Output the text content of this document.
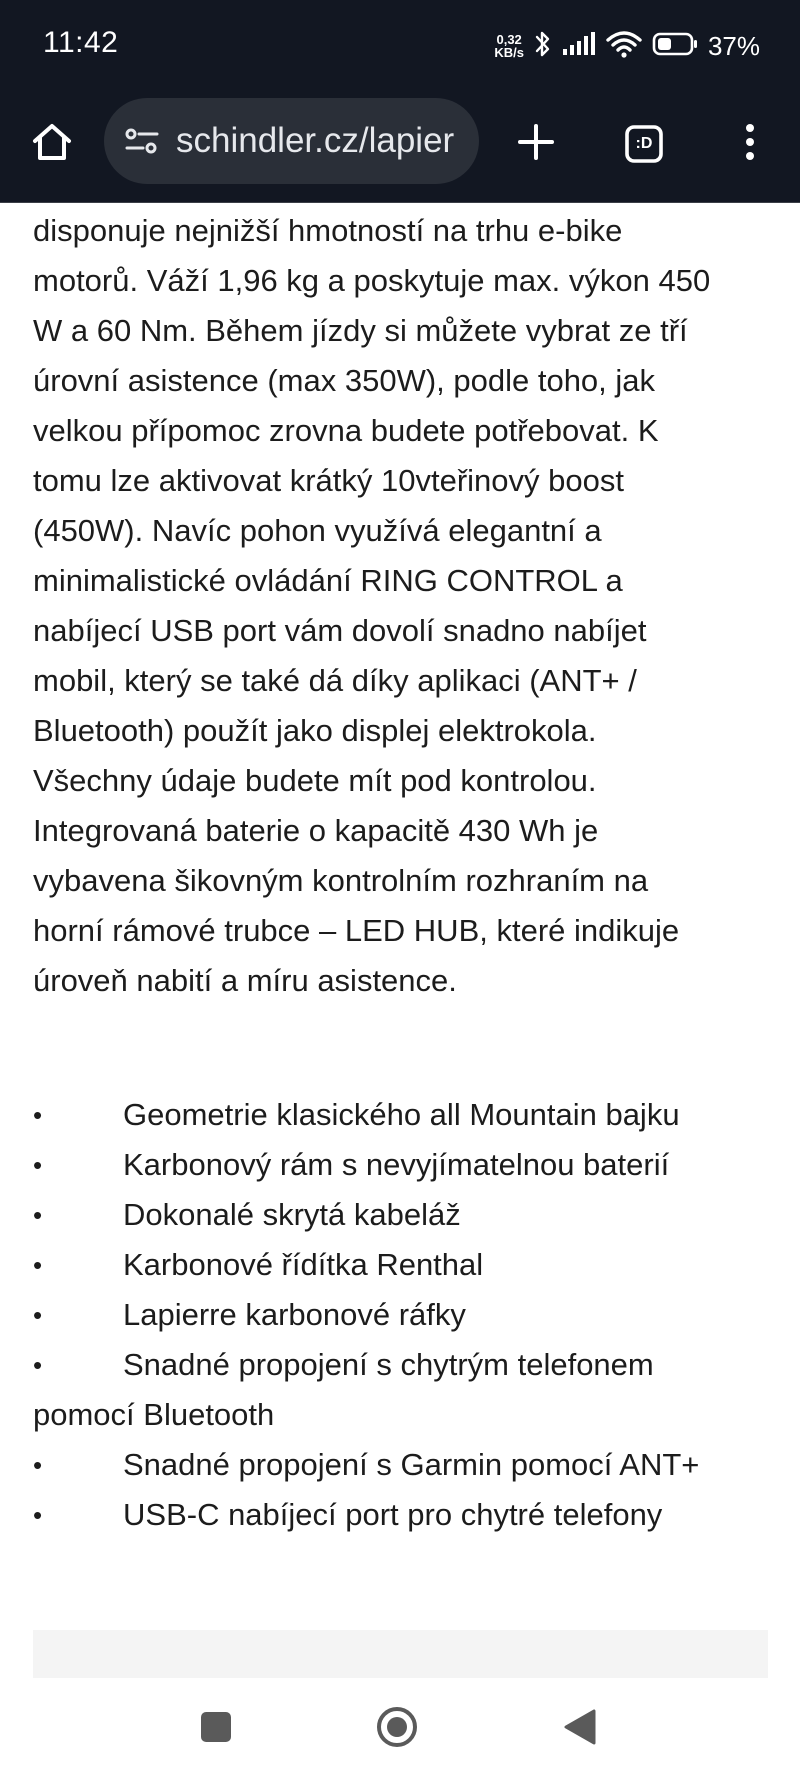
11:42	0,32
KB/s	37%
schindler.cz/lapier	:D

disponuje nejnižší hmotností na trhu e-bike
motorů. Váží 1,96 kg a poskytuje max. výkon 450
W a 60 Nm. Během jízdy si můžete vybrat ze tří
úrovní asistence (max 350W), podle toho, jak
velkou přípomoc zrovna budete potřebovat. K
tomu lze aktivovat krátký 10vteřinový boost
(450W). Navíc pohon využívá elegantní a
minimalistické ovládání RING CONTROL a
nabíjecí USB port vám dovolí snadno nabíjet
mobil, který se také dá díky aplikaci (ANT+ /
Bluetooth) použít jako displej elektrokola.
Všechny údaje budete mít pod kontrolou.
Integrovaná baterie o kapacitě 430 Wh je
vybavena šikovným kontrolním rozhraním na
horní rámové trubce – LED HUB, které indikuje
úroveň nabití a míru asistence.

•	Geometrie klasického all Mountain bajku
•	Karbonový rám s nevyjímatelnou baterií
•	Dokonalé skrytá kabeláž
•	Karbonové řídítka Renthal
•	Lapierre karbonové ráfky
•	Snadné propojení s chytrým telefonem
pomocí Bluetooth
•	Snadné propojení s Garmin pomocí ANT+
•	USB-C nabíjecí port pro chytré telefony
